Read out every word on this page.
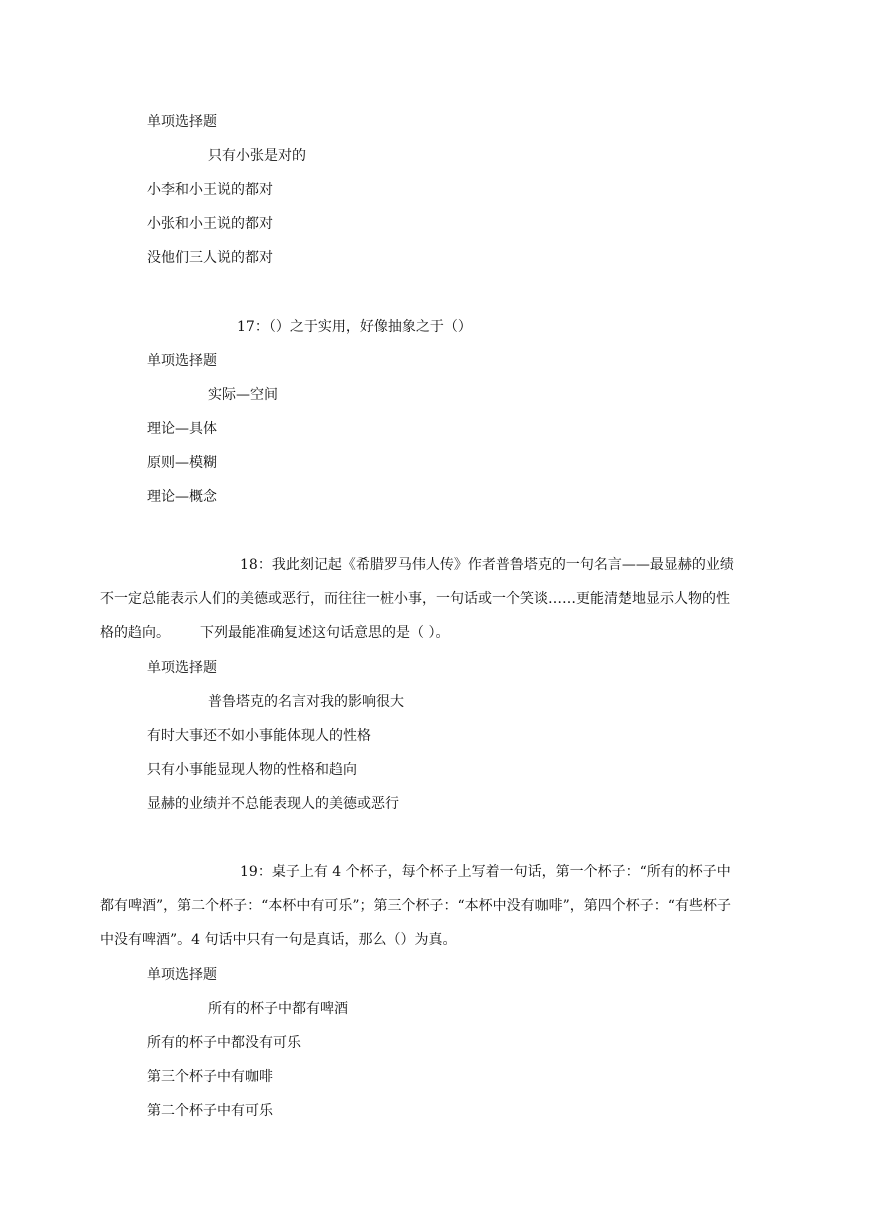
单项选择题
只有小张是对的
小李和小王说的都对
小张和小王说的都对
没他们三人说的都对
17：（）之于实用，好像抽象之于（）
单项选择题
实际—空间
理论—具体
原则—模糊
理论—概念
18：我此刻记起《希腊罗马伟人传》作者普鲁塔克的一句名言——最显赫的业绩不一定总能表示人们的美德或恶行，而往往一桩小事，一句话或一个笑谈……更能清楚地显示人物的性格的趋向。 下列最能准确复述这句话意思的是（ ）。
单项选择题
普鲁塔克的名言对我的影响很大
有时大事还不如小事能体现人的性格
只有小事能显现人物的性格和趋向
显赫的业绩并不总能表现人的美德或恶行
19：桌子上有 4 个杯子，每个杯子上写着一句话，第一个杯子：“所有的杯子中都有啤酒”，第二个杯子：“本杯中有可乐”；第三个杯子：“本杯中没有咖啡”，第四个杯子：“有些杯子中没有啤酒”。4 句话中只有一句是真话，那么（）为真。
单项选择题
所有的杯子中都有啤酒
所有的杯子中都没有可乐
第三个杯子中有咖啡
第二个杯子中有可乐
